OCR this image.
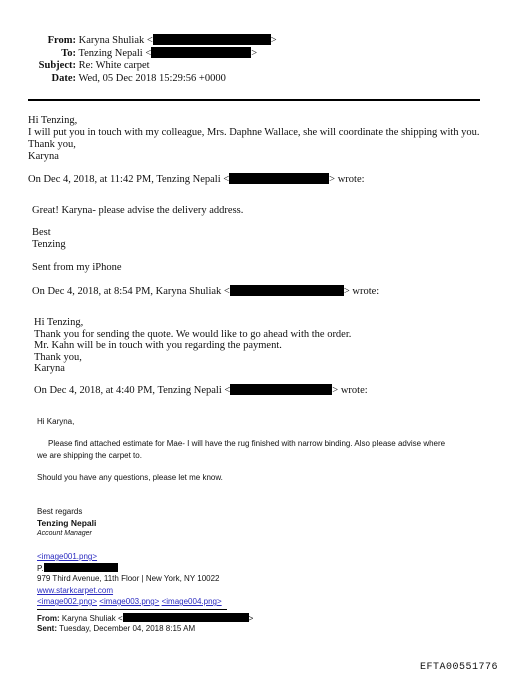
From: Karyna Shuliak <	>
To: Tenzing Nepali <	>
Subject: Re: White carpet
Date: Wed, 05 Dec 2018 15:29:56 +0000
Hi Tenzing,
I will put you in touch with my colleague, Mrs. Daphne Wallace, she will coordinate the shipping with you.
Thank you,
Karyna
On Dec 4, 2018, at 11:42 PM, Tenzing Nepali <	> wrote:
Great! Karyna- please advise the delivery address.
Best
Tenzing
Sent from my iPhone
On Dec 4, 2018, at 8:54 PM, Karyna Shuliak <	> wrote:
Hi Tenzing,
Thank you for sending the quote. We would like to go ahead with the order.
Mr. Kahn will be in touch with you regarding the payment.
Thank you,
Karyna
On Dec 4, 2018, at 4:40 PM, Tenzing Nepali <	> wrote:
Hi Karyna,
Please find attached estimate for Mae- I will have the rug finished with narrow binding. Also please advise where
we are shipping the carpet to.
Should you have any questions, please let me know.
Best regards
Tenzing Nepali
Account Manager
<image001.png>
P.
979 Third Avenue, 11th Floor | New York, NY 10022
www.starkcarpet.com
<image002.png> <image003.png> <image004.png>
From: Karyna Shuliak <	>
Sent: Tuesday, December 04, 2018 8:15 AM
EFTA00551776
